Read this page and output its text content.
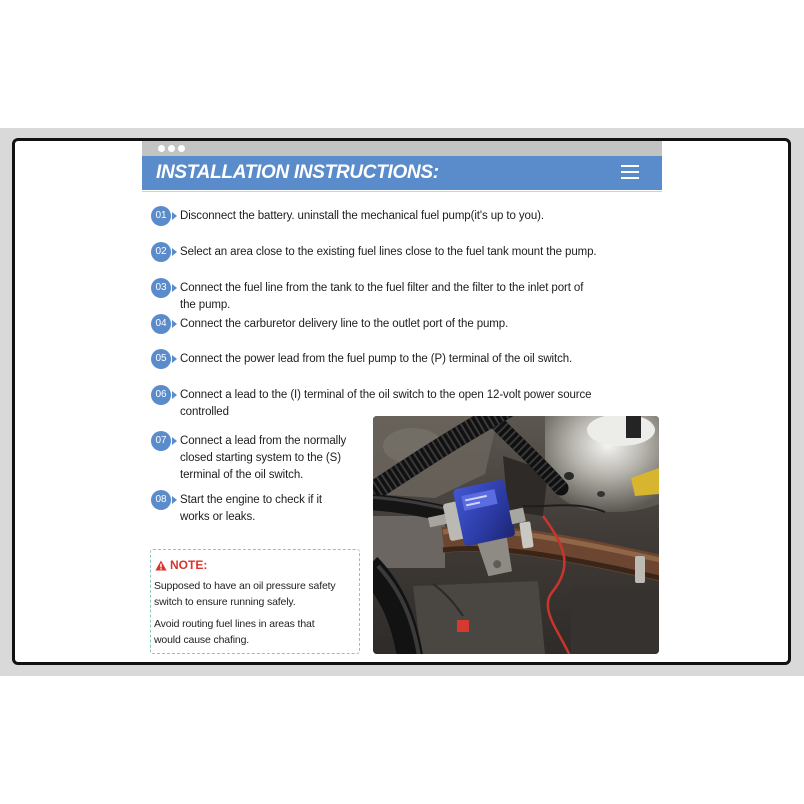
INSTALLATION INSTRUCTIONS:
01	Disconnect the battery. uninstall the mechanical fuel pump(it's up to you).
02	Select an area close to the existing fuel lines close to the fuel tank mount the pump.
03	Connect the fuel line from the tank to the fuel filter and the filter to the inlet port of
the pump.
04	Connect the carburetor delivery line to the outlet port of the pump.
05	Connect the power lead from the fuel pump to the (P) terminal of the oil switch.
06	Connect a lead to the (I) terminal of the oil switch to the open 12-volt power source
controlled
07	Connect a lead from the normally
closed starting system to the (S)
terminal of the oil switch.
08	Start the engine to check if it
works or leaks.
NOTE:
Supposed to have an oil pressure safety
switch to ensure running safely.
Avoid routing fuel lines in areas that
would cause chafing.
